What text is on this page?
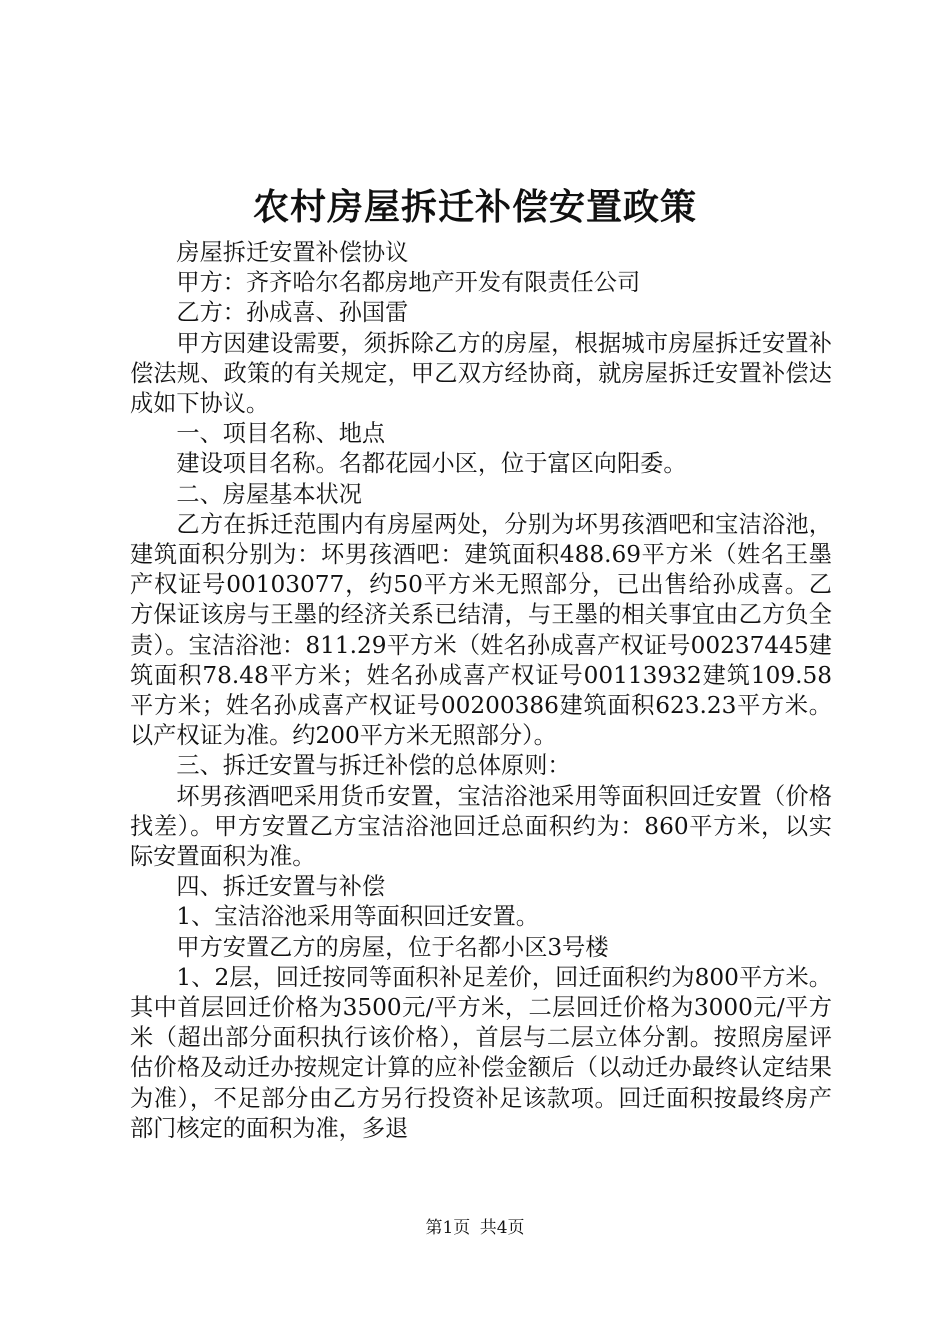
农村房屋拆迁补偿安置政策

房屋拆迁安置补偿协议

甲方：齐齐哈尔名都房地产开发有限责任公司

乙方：孙成喜、孙国雷

甲方因建设需要，须拆除乙方的房屋，根据城市房屋拆迁安置补偿法规、政策的有关规定，甲乙双方经协商，就房屋拆迁安置补偿达成如下协议。

一、项目名称、地点

建设项目名称。名都花园小区，位于富区向阳委。

二、房屋基本状况

乙方在拆迁范围内有房屋两处，分别为坏男孩酒吧和宝洁浴池，建筑面积分别为：坏男孩酒吧：建筑面积488.69平方米（姓名王墨产权证号00103077，约50平方米无照部分，已出售给孙成喜。乙方保证该房与王墨的经济关系已结清，与王墨的相关事宜由乙方负全责）。宝洁浴池：811.29平方米（姓名孙成喜产权证号00237445建筑面积78.48平方米；姓名孙成喜产权证号00113932建筑109.58平方米；姓名孙成喜产权证号00200386建筑面积623.23平方米。以产权证为准。约200平方米无照部分）。

三、拆迁安置与拆迁补偿的总体原则：

坏男孩酒吧采用货币安置，宝洁浴池采用等面积回迁安置（价格找差）。甲方安置乙方宝洁浴池回迁总面积约为：860平方米，以实际安置面积为准。

四、拆迁安置与补偿

1、宝洁浴池采用等面积回迁安置。

甲方安置乙方的房屋，位于名都小区3号楼

1、2层，回迁按同等面积补足差价，回迁面积约为800平方米。其中首层回迁价格为3500元/平方米，二层回迁价格为3000元/平方米（超出部分面积执行该价格），首层与二层立体分割。按照房屋评估价格及动迁办按规定计算的应补偿金额后（以动迁办最终认定结果为准），不足部分由乙方另行投资补足该款项。回迁面积按最终房产部门核定的面积为准，多退

第1页 共4页
